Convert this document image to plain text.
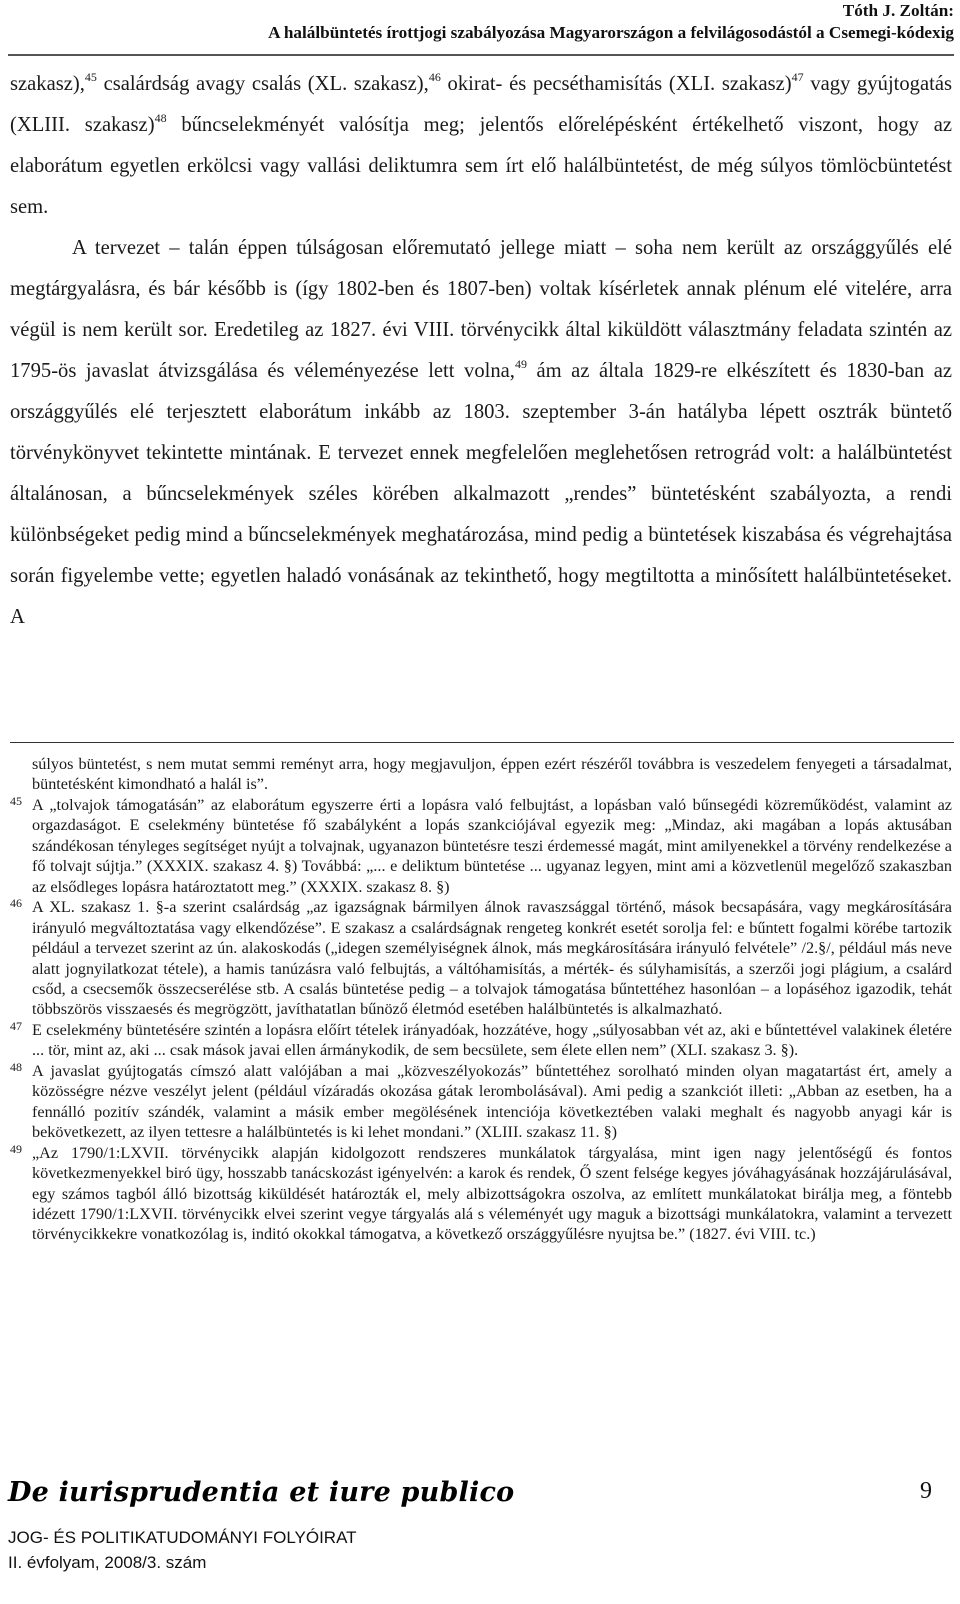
Tóth J. Zoltán:
A halálbüntetés írottjogi szabályozása Magyarországon a felvilágosodástól a Csemegi-kódexig

szakasz),$^{45}$ csalárdság avagy csalás (XL. szakasz),$^{46}$ okirat- és pecséthamisítás (XLI. szakasz)$^{47}$ vagy gyújtogatás (XLIII. szakasz)$^{48}$ bűncselekményét valósítja meg; jelentős előrelépésként értékelhető viszont, hogy az elaborátum egyetlen erkölcsi vagy vallási deliktumra sem írt elő halálbüntetést, de még súlyos tömlöcbüntetést sem.

A tervezet – talán éppen túlságosan előremutató jellege miatt – soha nem került az országgyűlés elé megtárgyalásra, és bár később is (így 1802-ben és 1807-ben) voltak kísérletek annak plénum elé vitelére, arra végül is nem került sor. Eredetileg az 1827. évi VIII. törvénycikk által kiküldött választmány feladata szintén az 1795-ös javaslat átvizsgálása és véleményezése lett volna,$^{49}$ ám az általa 1829-re elkészített és 1830-ban az országgyűlés elé terjesztett elaborátum inkább az 1803. szeptember 3-án hatályba lépett osztrák büntető törvénykönyvet tekintette mintának. E tervezet ennek megfelelően meglehetősen retrográd volt: a halálbüntetést általánosan, a bűncselekmények széles körében alkalmazott „rendes” büntetésként szabályozta, a rendi különbségeket pedig mind a bűncselekmények meghatározása, mind pedig a büntetések kiszabása és végrehajtása során figyelembe vette; egyetlen haladó vonásának az tekinthető, hogy megtiltotta a minősített halálbüntetéseket. A

súlyos büntetést, s nem mutat semmi reményt arra, hogy megjavuljon, éppen ezért részéről továbbra is veszedelem fenyegeti a társadalmat, büntetésként kimondható a halál is”.
45 A „tolvajok támogatásán” az elaborátum egyszerre érti a lopásra való felbujtást, a lopásban való bűnsegédi közreműködést, valamint az orgazdaságot. E cselekmény büntetése fő szabályként a lopás szankciójával egyezik meg: „Mindaz, aki magában a lopás aktusában szándékosan tényleges segítséget nyújt a tolvajnak, ugyanazon büntetésre teszi érdemessé magát, mint amilyenekkel a törvény rendelkezése a fő tolvajt sújtja.” (XXXIX. szakasz 4. §) Továbbá: „... e deliktum büntetése ... ugyanaz legyen, mint ami a közvetlenül megelőző szakaszban az elsődleges lopásra határoztatott meg.” (XXXIX. szakasz 8. §)
46 A XL. szakasz 1. §-a szerint csalárdság „az igazságnak bármilyen álnok ravaszsággal történő, mások becsapására, vagy megkárosítására irányuló megváltoztatása vagy elkendőzése”. E szakasz a csalárdságnak rengeteg konkrét esetét sorolja fel: e bűntett fogalmi körébe tartozik például a tervezet szerint az ún. alakoskodás („idegen személyiségnek álnok, más megkárosítására irányuló felvétele” /2.§/, például más neve alatt jognyilatkozat tétele), a hamis tanúzásra való felbujtás, a váltóhamisítás, a mérték- és súlyhamisítás, a szerzői jogi plágium, a csalárd csőd, a csecsemők összecserélése stb. A csalás büntetése pedig – a tolvajok támogatása bűntettéhez hasonlóan – a lopáséhoz igazodik, tehát többszörös visszaesés és megrögzött, javíthatatlan bűnöző életmód esetében halálbüntetés is alkalmazható.
47 E cselekmény büntetésére szintén a lopásra előírt tételek irányadóak, hozzátéve, hogy „súlyosabban vét az, aki e bűntettével valakinek életére ... tör, mint az, aki ... csak mások javai ellen ármánykodik, de sem becsülete, sem élete ellen nem” (XLI. szakasz 3. §).
48 A javaslat gyújtogatás címszó alatt valójában a mai „közveszélyokozás” bűntettéhez sorolható minden olyan magatartást ért, amely a közösségre nézve veszélyt jelent (például vízáradás okozása gátak lerombolásával). Ami pedig a szankciót illeti: „Abban az esetben, ha a fennálló pozitív szándék, valamint a másik ember megölésének intenciója következtében valaki meghalt és nagyobb anyagi kár is bekövetkezett, az ilyen tettesre a halálbüntetés is ki lehet mondani.” (XLIII. szakasz 11. §)
49 „Az 1790/1:LXVII. törvénycikk alapján kidolgozott rendszeres munkálatok tárgyalása, mint igen nagy jelentőségű és fontos következmenyekkel biró ügy, hosszabb tanácskozást igényelvén: a karok és rendek, Ő szent felsége kegyes jóváhagyásának hozzájárulásával, egy számos tagból álló bizottság kiküldését határozták el, mely albizottságokra oszolva, az említett munkálatokat birálja meg, a föntebb idézett 1790/1:LXVII. törvénycikk elvei szerint vegye tárgyalás alá s véleményét ugy maguk a bizottsági munkálatokra, valamint a tervezett törvénycikkekre vonatkozólag is, inditó okokkal támogatva, a következő országgyűlésre nyujtsa be.” (1827. évi VIII. tc.)
De iurisprudentia et iure publico	9
JOG- ÉS POLITIKATUDOMÁNYI FOLYÓIRAT
II. évfolyam, 2008/3. szám
